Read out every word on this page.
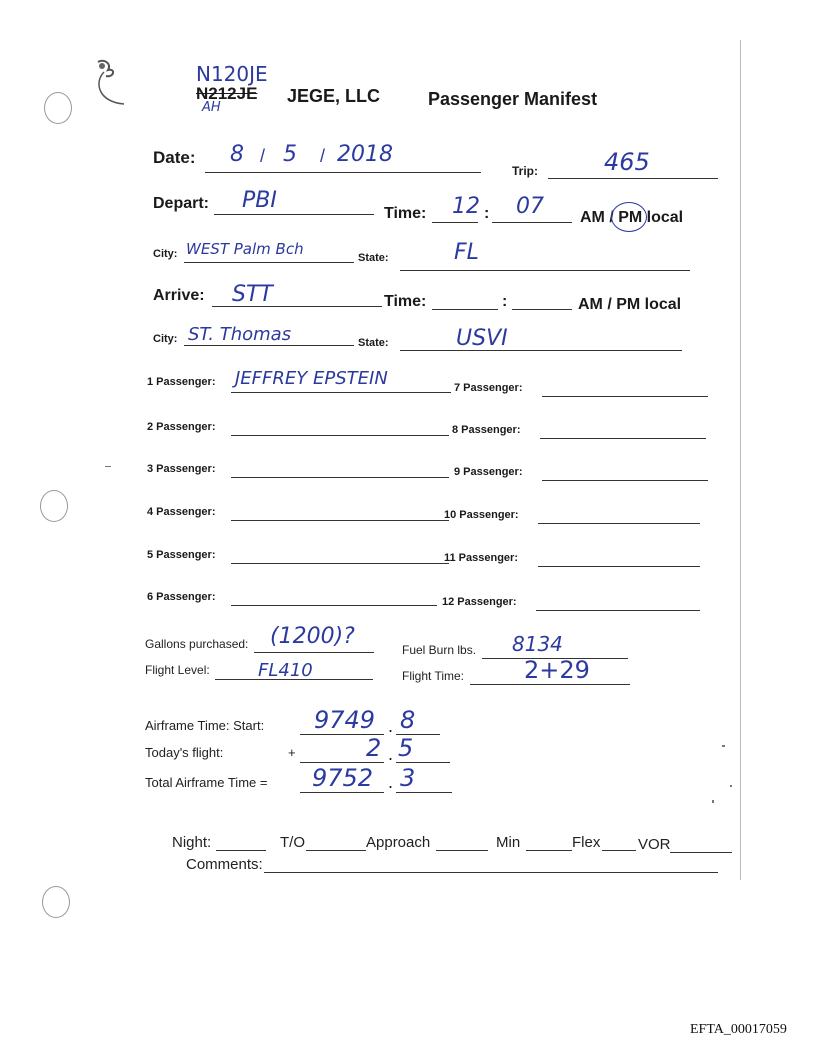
N120JE
N212JE
AH
JEGE, LLC	Passenger Manifest
Date: 8 / 5 / 2018
Trip:	465
Depart: PBI
Time: 12 : 07 AM / PM local
City: WEST Palm Bch	State:	FL
Arrive: STT	Time:	:	AM / PM local
City: ST. Thomas	State:	USVI
1 Passenger: JEFFREY EPSTEIN
2 Passenger:
3 Passenger:
4 Passenger:
5 Passenger:
6 Passenger:
7 Passenger:
8 Passenger:
9 Passenger:
10 Passenger:
11 Passenger:
12 Passenger:
Gallons purchased: (1200)?
Fuel Burn lbs. 8134
Flight Level:	FL410	Flight Time: 2+29
Airframe Time: Start: 9749 . 8
Today's flight:	+	2 . 5
Total Airframe Time = 9752 . 3
Night:	T/O	Approach	Min	Flex	VOR
Comments:
EFTA_00017059
